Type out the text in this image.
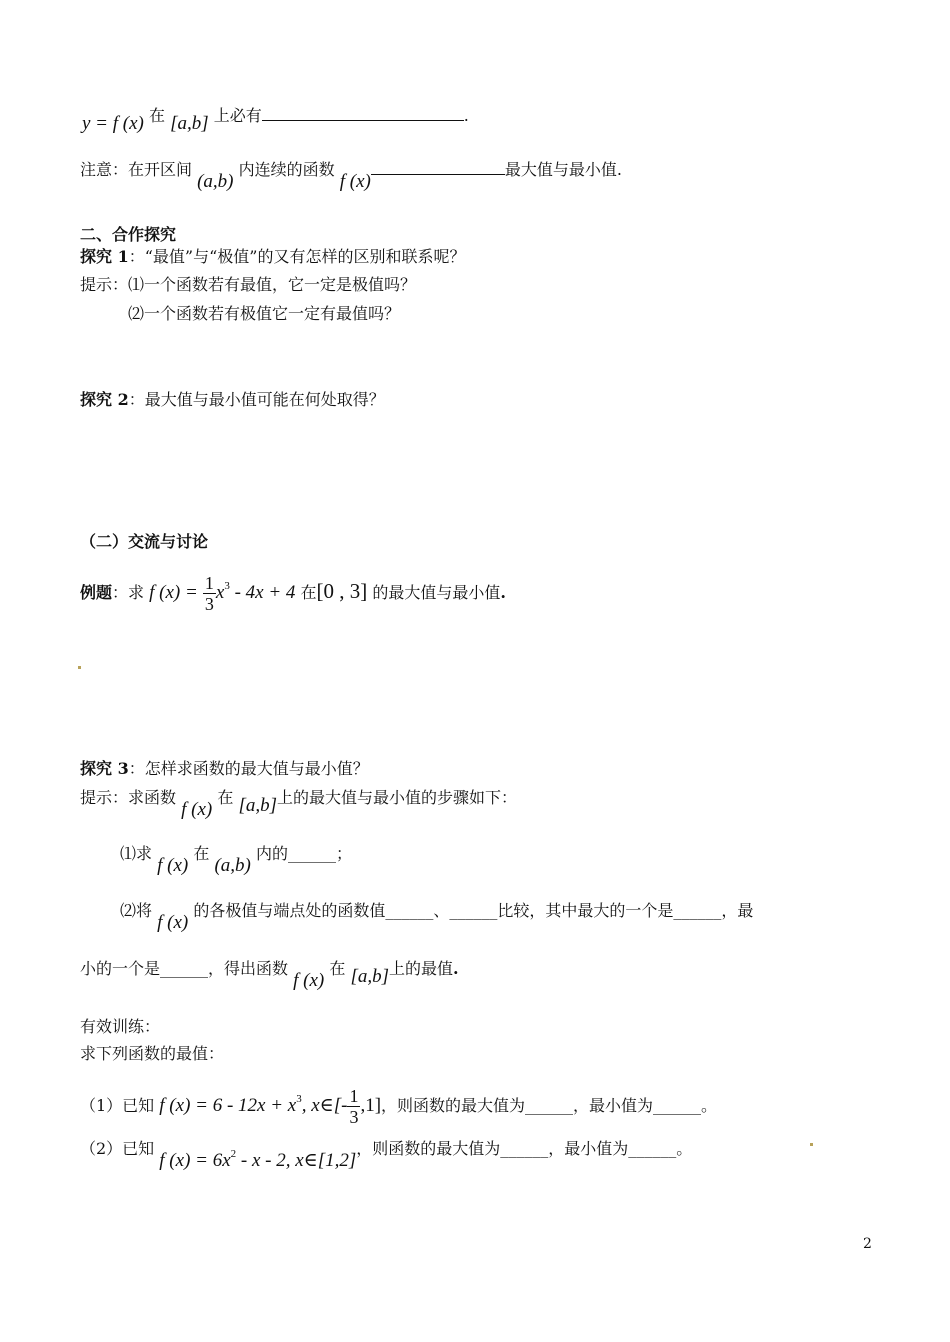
y = f (x) 在 [a,b] 上必有	.
注意：在开区间 (a,b) 内连续的函数 f (x)最大值与最小值.
二、合作探究
探究 1：“最值”与“极值”的又有怎样的区别和联系呢？
提示：⑴一个函数若有最值，它一定是极值吗？
⑵一个函数若有极值它一定有最值吗？
探究 2：最大值与最小值可能在何处取得？
（二）交流与讨论
例题：求 f $(x) = \frac{1}{3} x^3 - 4x + 4$ 在[0 , 3] 的最大值与最小值.
探究 3：怎样求函数的最大值与最小值？
提示：求函数 f (x) 在 [a,b]上的最大值与最小值的步骤如下：
⑴求 f (x) 在 (a,b) 内的______；
⑵将 f (x) 的各极值与端点处的函数值______、______比较，其中最大的一个是______，最
小的一个是______，得出函数 f (x) 在 [a,b]上的最值.
有效训练：
求下列函数的最值：
（1）已知 f $(x) = 6 - 12x + x^3$, x∈[- $\frac{1}{3} ,1$]，则函数的最大值为______，最小值为______。
（2）已知 f $(x) = 6x^2 - x - 2$, x∈[1,2]，则函数的最大值为______，最小值为______。
2
